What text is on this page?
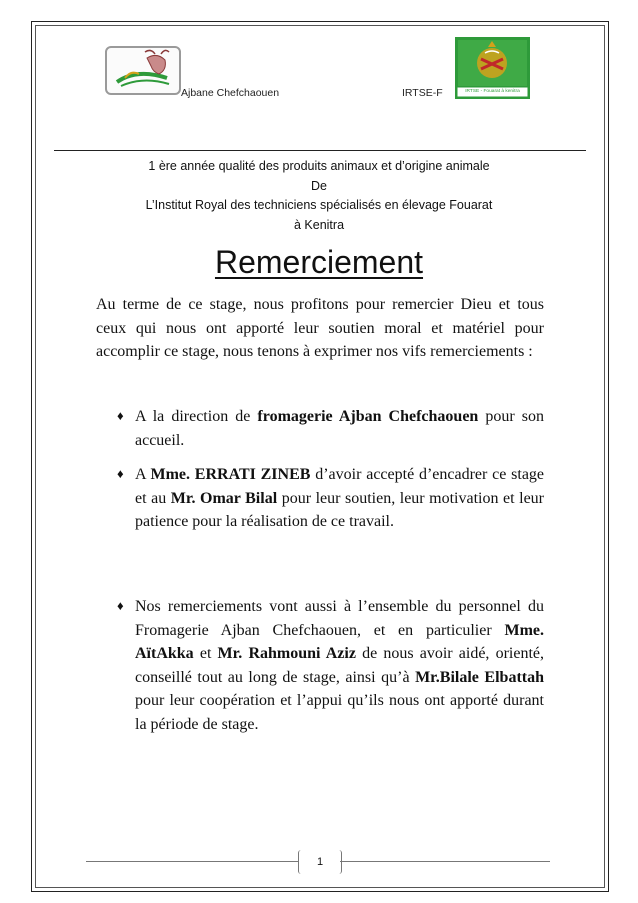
IRTSE - Fouarat à kenitra
Ajbane Chefchaouen	IRTSE-F
1 ère année qualité des produits animaux et d’origine animale
De
L’Institut Royal des techniciens spécialisés en élevage Fouarat
à Kenitra
Remerciement
Au terme de ce stage, nous profitons pour remercier Dieu et tous ceux qui nous ont apporté leur soutien moral et matériel pour accomplir ce stage, nous tenons à exprimer nos vifs remerciements :
♦ A la direction de fromagerie Ajban Chefchaouen pour son accueil.
♦ A Mme. ERRATI ZINEB d’avoir accepté d’encadrer ce stage et au Mr. Omar Bilal pour leur soutien, leur motivation et leur patience pour la réalisation de ce travail.
♦ Nos remerciements vont aussi à l’ensemble du personnel du Fromagerie Ajban Chefchaouen, et en particulier Mme. AïtAkka et Mr. Rahmouni Aziz de nous avoir aidé, orienté, conseillé tout au long de stage, ainsi qu’à Mr.Bilale Elbattah pour leur coopération et l’appui qu’ils nous ont apporté durant la période de stage.
1
